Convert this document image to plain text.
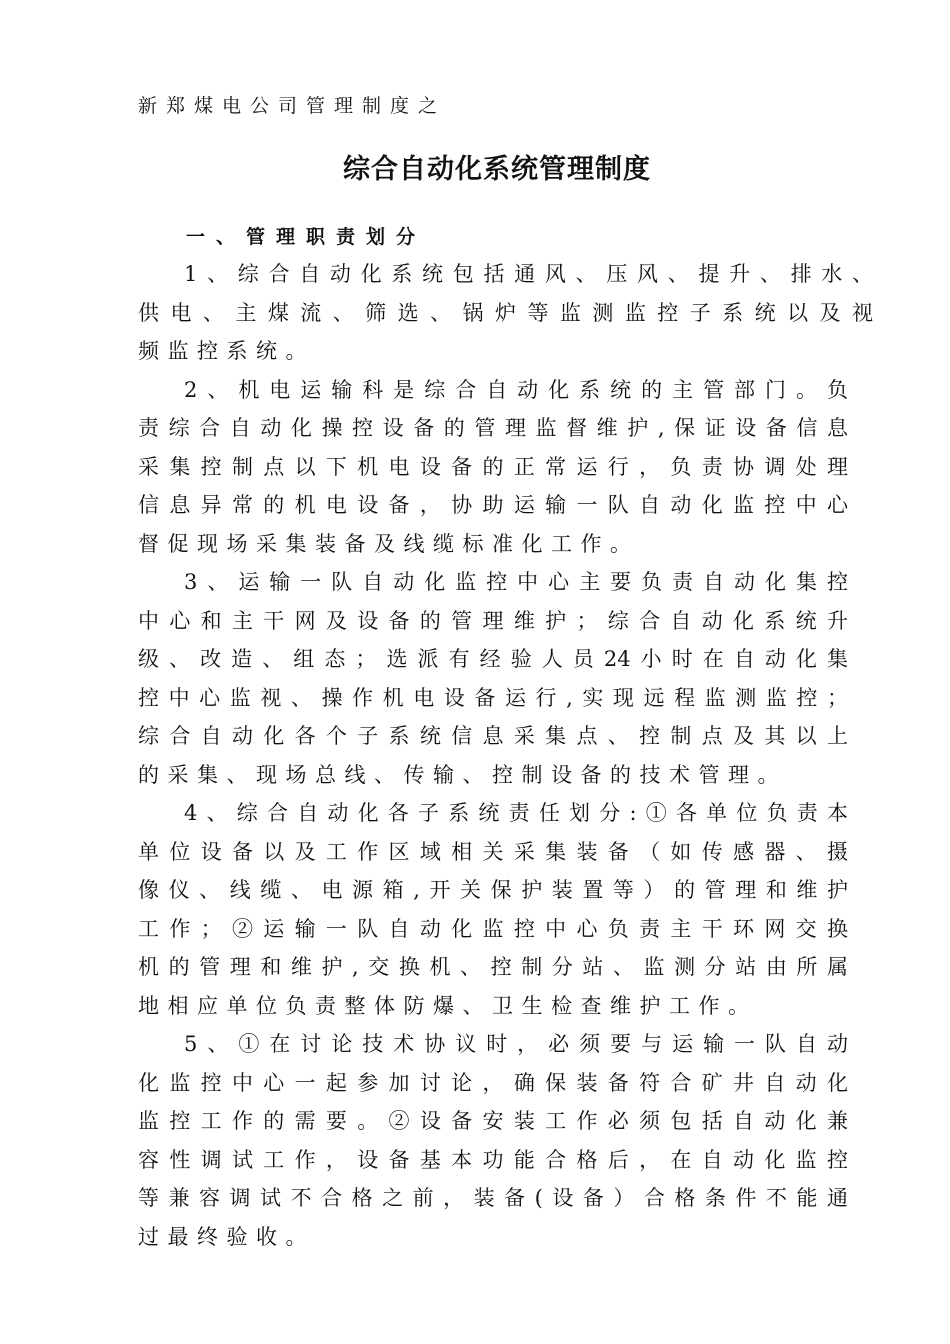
新郑煤电公司管理制度之
综合自动化系统管理制度
一、管理职责划分
1、综合自动化系统包括通风、压风、提升、排水、
供电、主煤流、筛选、锅炉等监测监控子系统以及视
频监控系统。
2、机电运输科是综合自动化系统的主管部门。负
责综合自动化操控设备的管理监督维护,保证设备信息
采集控制点以下机电设备的正常运行，负责协调处理
信息异常的机电设备，协助运输一队自动化监控中心
督促现场采集装备及线缆标准化工作。
3、运输一队自动化监控中心主要负责自动化集控
中心和主干网及设备的管理维护；综合自动化系统升
级、改造、组态；选派有经验人员24小时在自动化集
控中心监视、操作机电设备运行,实现远程监测监控；
综合自动化各个子系统信息采集点、控制点及其以上
的采集、现场总线、传输、控制设备的技术管理。
4、综合自动化各子系统责任划分:①各单位负责本
单位设备以及工作区域相关采集装备（如传感器、摄
像仪、线缆、电源箱,开关保护装置等）的管理和维护
工作；②运输一队自动化监控中心负责主干环网交换
机的管理和维护,交换机、控制分站、监测分站由所属
地相应单位负责整体防爆、卫生检查维护工作。
5、①在讨论技术协议时，必须要与运输一队自动
化监控中心一起参加讨论，确保装备符合矿井自动化
监控工作的需要。②设备安装工作必须包括自动化兼
容性调试工作，设备基本功能合格后，在自动化监控
等兼容调试不合格之前，装备(设备）合格条件不能通
过最终验收。
